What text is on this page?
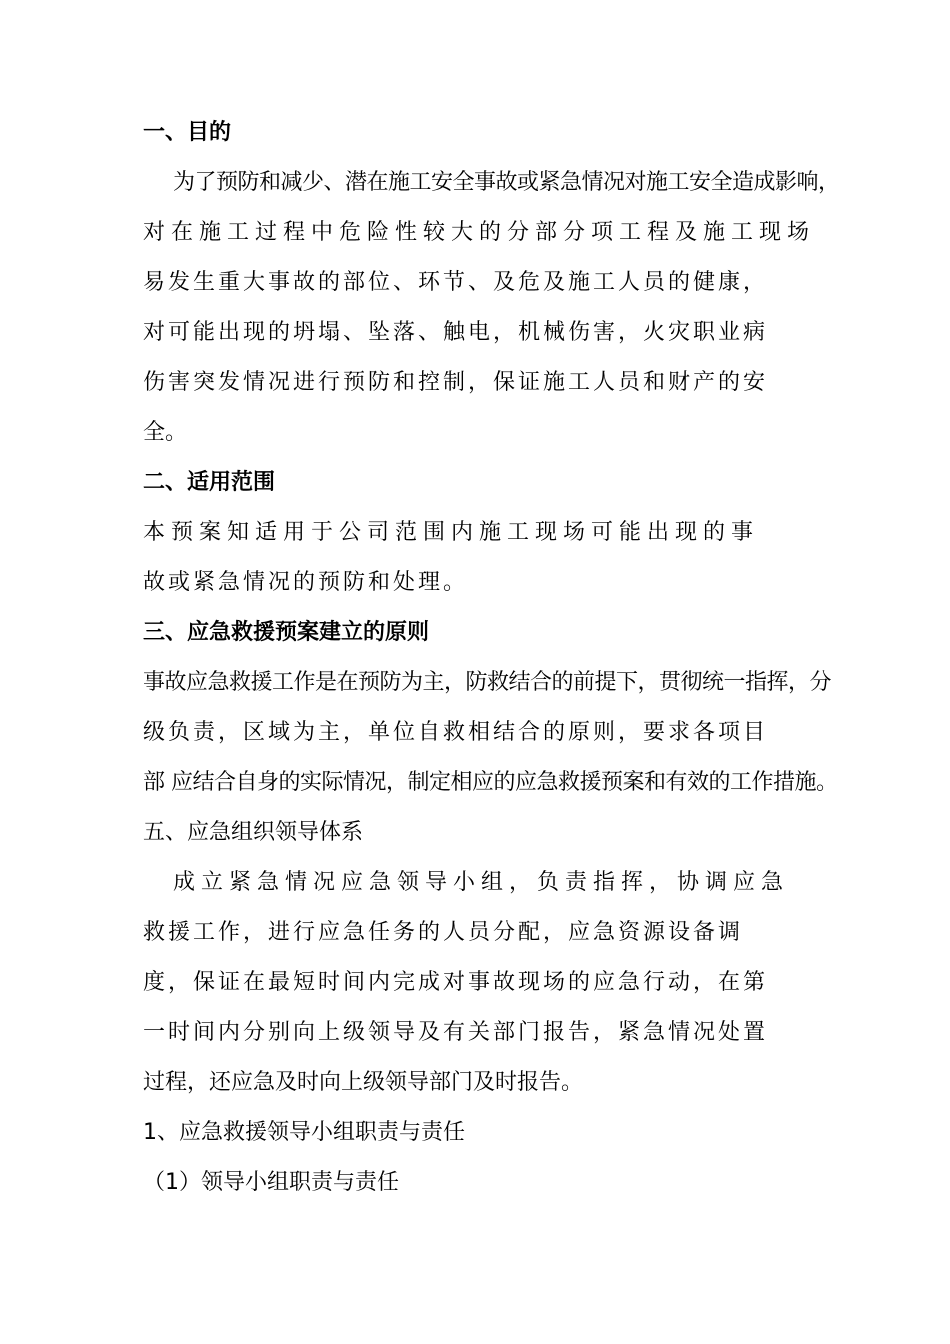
一、目的
为了预防和减少、潜在施工安全事故或紧急情况对施工安全造成影响，
对在施工过程中危险性较大的分部分项工程及施工现场
易发生重大事故的部位、环节、及危及施工人员的健康，
对可能出现的坍塌、坠落、触电，机械伤害，火灾职业病
伤害突发情况进行预防和控制，保证施工人员和财产的安
全。
二、适用范围
本预案知适用于公司范围内施工现场可能出现的事
故或紧急情况的预防和处理。
三、应急救援预案建立的原则
事故应急救援工作是在预防为主，防救结合的前提下，贯彻统一指挥，分
级负责，区域为主，单位自救相结合的原则，要求各项目
部 应结合自身的实际情况，制定相应的应急救援预案和有效的工作措施。
五、应急组织领导体系
成立紧急情况应急领导小组，负责指挥，协调应急
救援工作，进行应急任务的人员分配，应急资源设备调
度，保证在最短时间内完成对事故现场的应急行动，在第
一时间内分别向上级领导及有关部门报告，紧急情况处置
过程，还应急及时向上级领导部门及时报告。
1、应急救援领导小组职责与责任
（1）领导小组职责与责任
